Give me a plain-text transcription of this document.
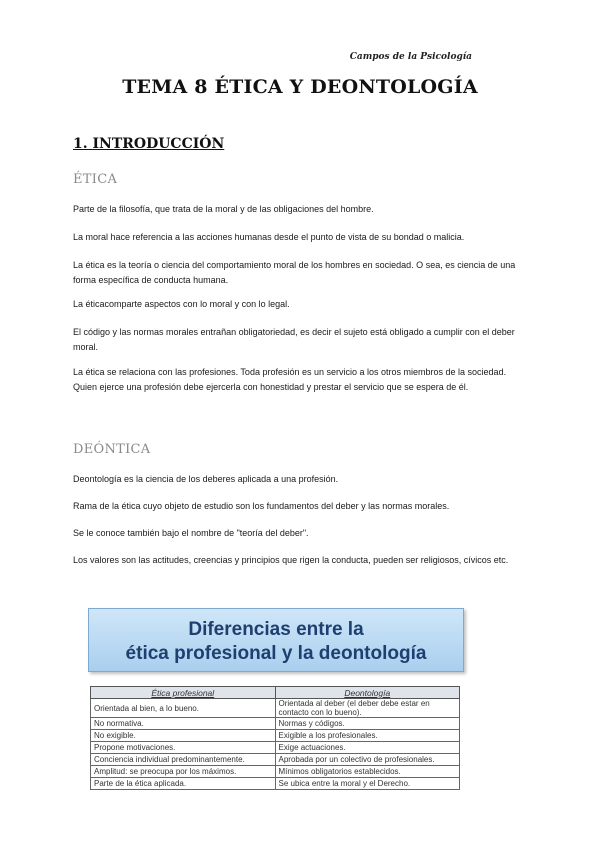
Campos de la Psicología
TEMA 8 ÉTICA Y DEONTOLOGÍA
1. INTRODUCCIÓN
ÉTICA

Parte de la filosofía, que trata de la moral y de las obligaciones del hombre.

La moral hace referencia a las acciones humanas desde el punto de vista de su bondad o malicia.

La ética es la teoría o ciencia del comportamiento moral de los hombres en sociedad. O sea, es ciencia de una forma específica de conducta humana.

La éticacomparte aspectos con lo moral y con lo legal.

El código y las normas morales entrañan obligatoriedad, es decir el sujeto está obligado a cumplir con el deber moral.

La ética se relaciona con las profesiones. Toda profesión es un servicio a los otros miembros de la sociedad. Quien ejerce una profesión debe ejercerla con honestidad y prestar el servicio que se espera de él.

DEÓNTICA

Deontología es la ciencia de los deberes aplicada a una profesión.

Rama de la ética cuyo objeto de estudio son los fundamentos del deber y las normas morales.

Se le conoce también bajo el nombre de "teoría del deber".

Los valores son las actitudes, creencias y principios que rigen la conducta, pueden ser religiosos, cívicos etc.

Diferencias entre la
ética profesional y la deontología
Ética profesional	Deontología
Orientada al bien, a lo bueno.	Orientada al deber (el deber debe estar en contacto con lo bueno).
No normativa.	Normas y códigos.
No exigible.	Exigible a los profesionales.
Propone motivaciones.	Exige actuaciones.
Conciencia individual predominantemente.	Aprobada por un colectivo de profesionales.
Amplitud: se preocupa por los máximos.	Mínimos obligatorios establecidos.
Parte de la ética aplicada.	Se ubica entre la moral y el Derecho.
